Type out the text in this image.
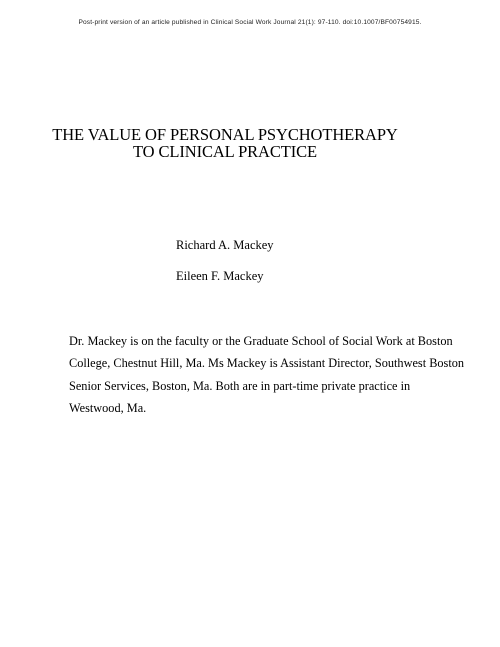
Post-print version of an article published in Clinical Social Work Journal 21(1): 97-110. doi:10.1007/BF00754915.
THE VALUE OF PERSONAL PSYCHOTHERAPY
TO CLINICAL PRACTICE
Richard A. Mackey
Eileen F. Mackey
Dr. Mackey is on the faculty or the Graduate School of Social Work at Boston
College, Chestnut Hill, Ma. Ms Mackey is Assistant Director, Southwest Boston
Senior Services, Boston, Ma. Both are in part-time private practice in
Westwood, Ma.
